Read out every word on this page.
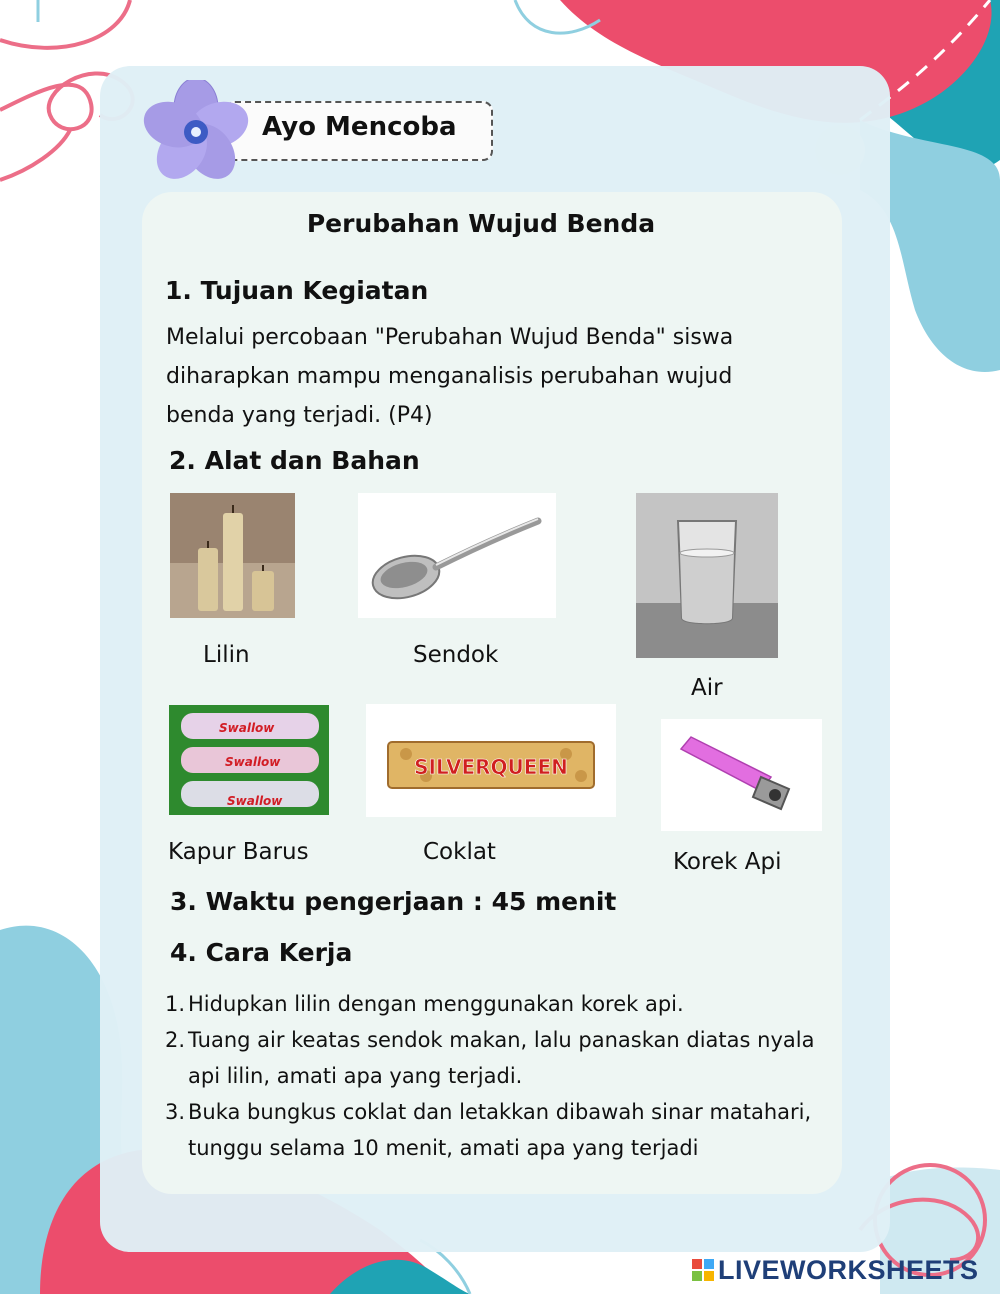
Ayo Mencoba
Perubahan Wujud Benda
1. Tujuan Kegiatan
Melalui percobaan "Perubahan Wujud Benda" siswa
diharapkan mampu menganalisis perubahan wujud
benda yang terjadi. (P4)
2. Alat dan Bahan
Lilin	Sendok
Air
Swallow
Swallow
Swallow
Kapur Barus
SILVERQUEEN
Coklat	Korek Api
3. Waktu pengerjaan : 45 menit
4. Cara Kerja
1. Hidupkan lilin dengan menggunakan korek api.
2. Tuang air keatas sendok makan, lalu panaskan diatas nyala
api lilin, amati apa yang terjadi.
3. Buka bungkus coklat dan letakkan dibawah sinar matahari,
tunggu selama 10 menit, amati apa yang terjadi
LIVEWORKSHEETS
